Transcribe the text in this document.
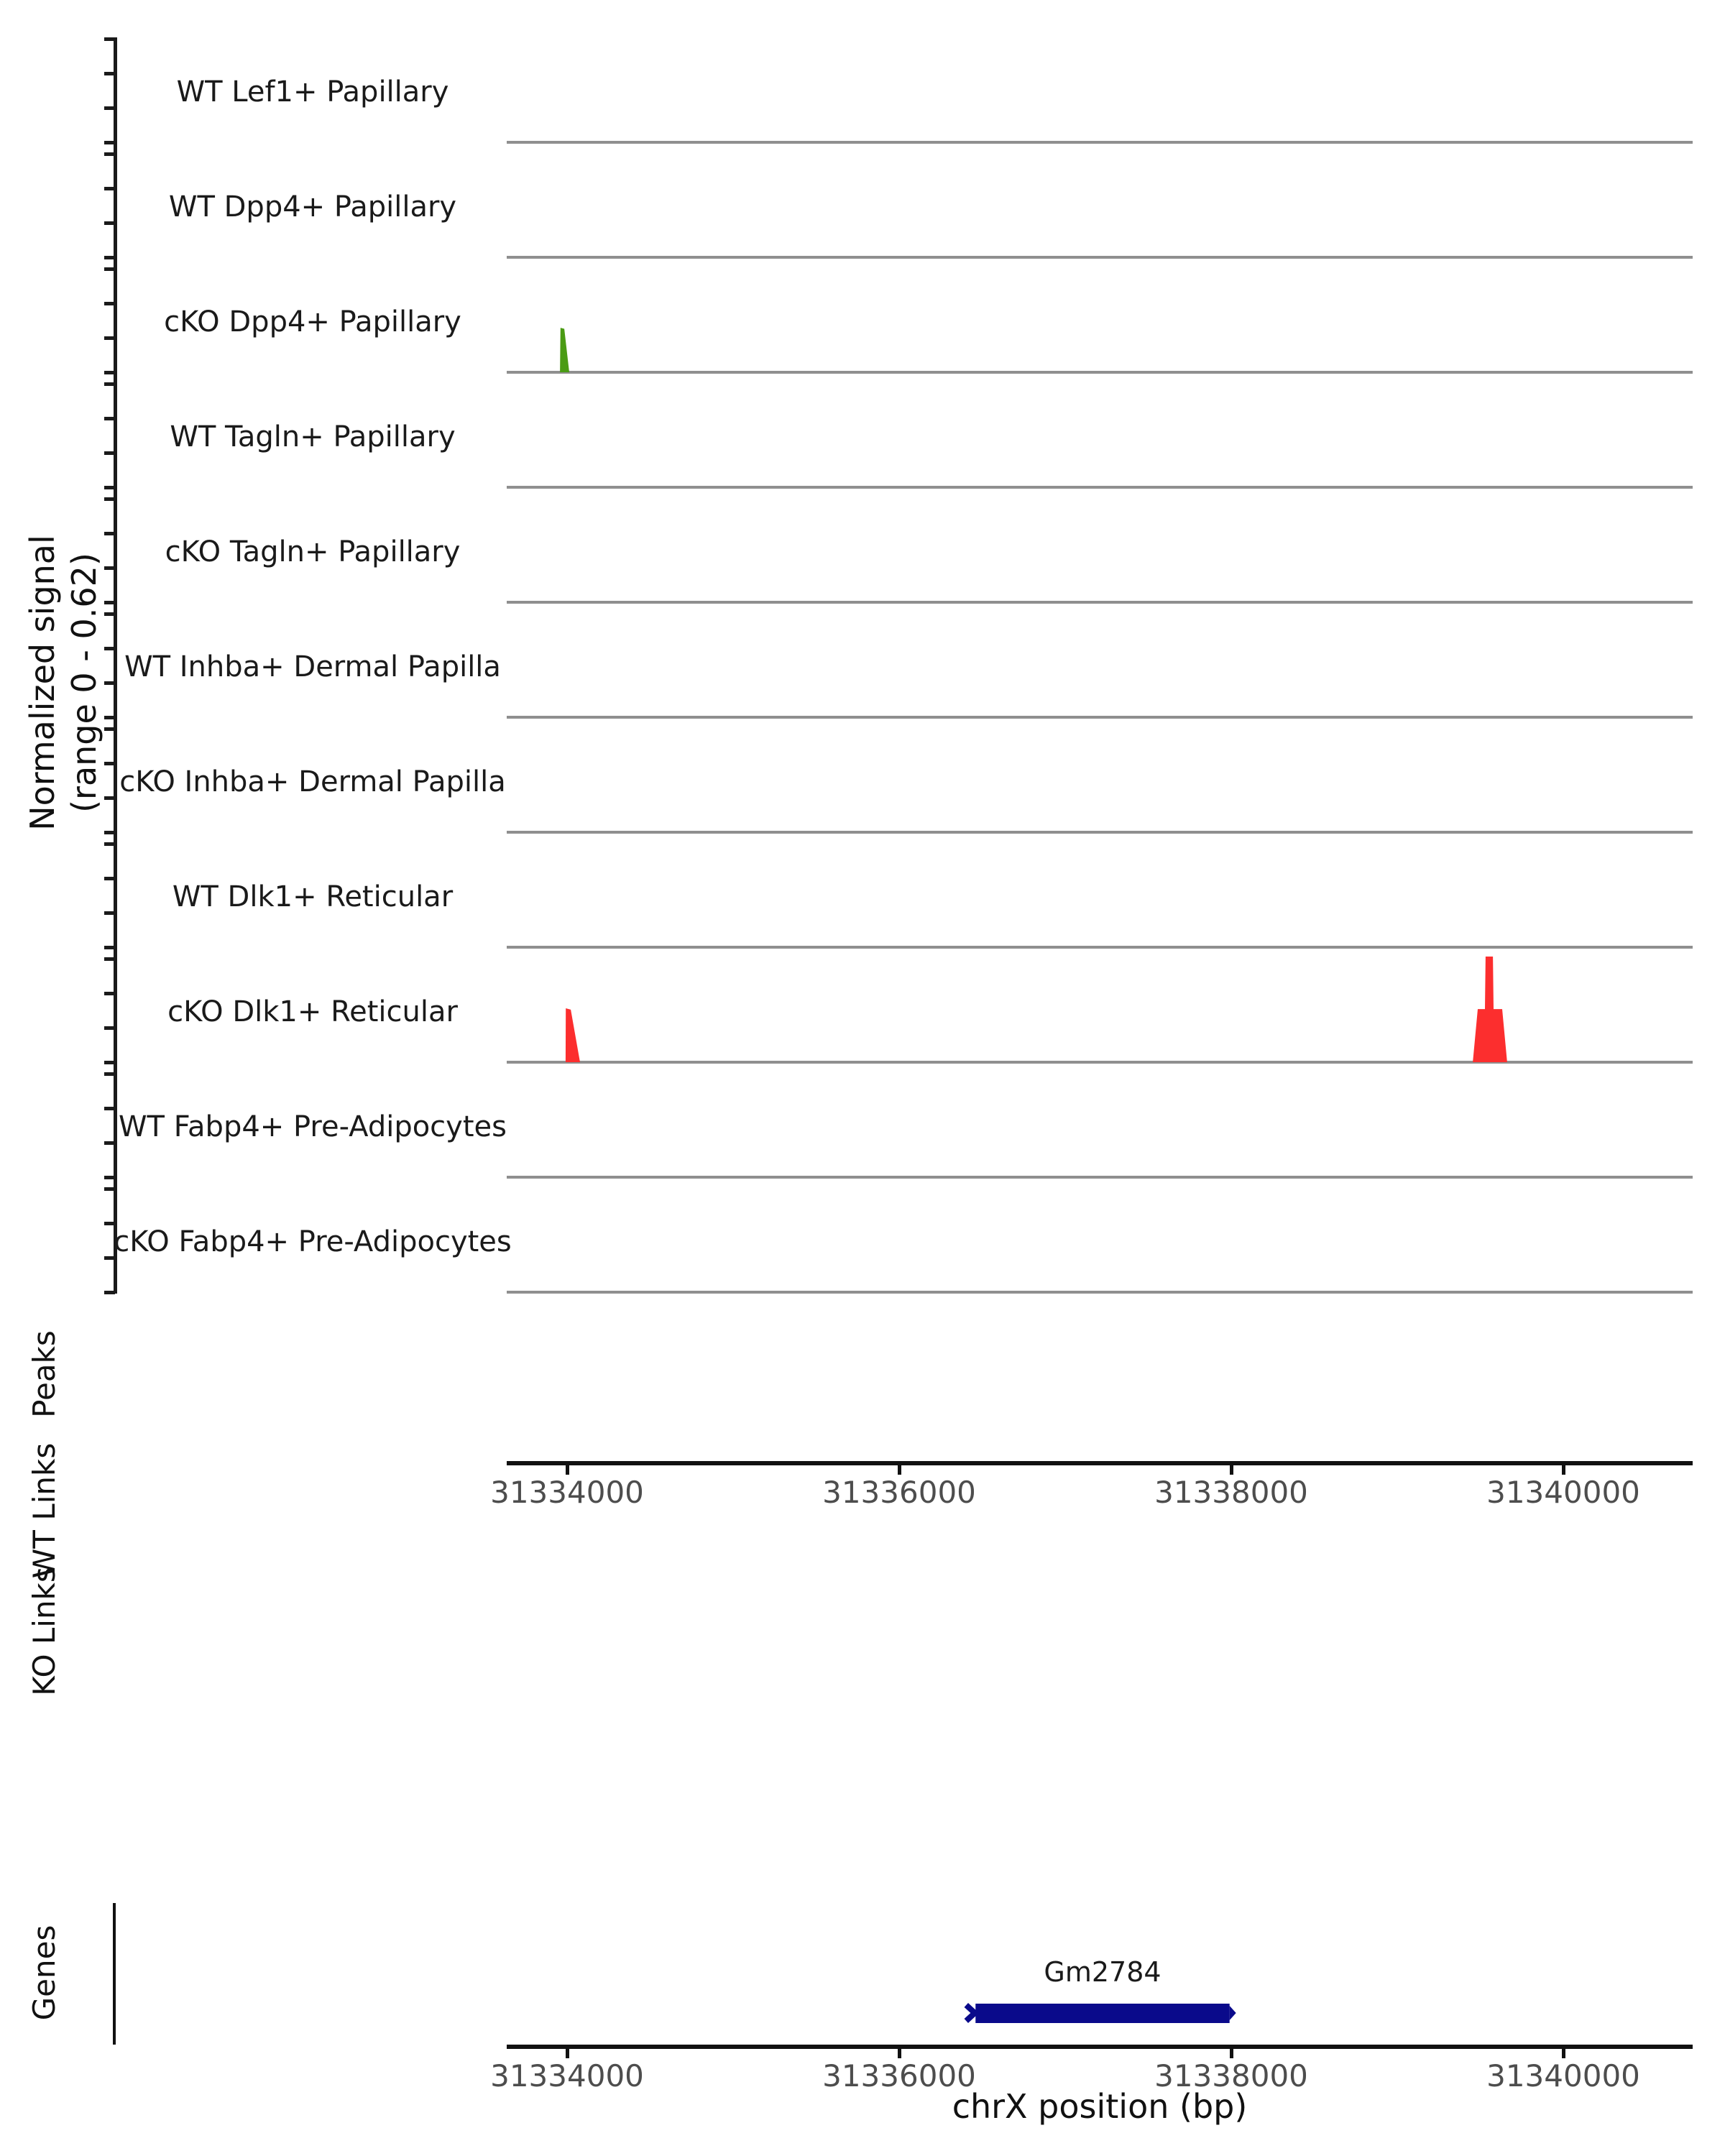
Normalized signal (range 0 - 0.62)
WT Lef1+ Papillary
WT Dpp4+ Papillary
cKO Dpp4+ Papillary
WT Tagln+ Papillary
cKO Tagln+ Papillary
WT Inhba+ Dermal Papilla
cKO Inhba+ Dermal Papilla
WT Dlk1+ Reticular
cKO Dlk1+ Reticular
WT Fabp4+ Pre-Adipocytes
cKO Fabp4+ Pre-Adipocytes
Peaks
WT Links
KO Links
Genes
31334000	31336000	31338000	31340000
Gm2784
31334000	31336000	31338000	31340000
chrX position (bp)
